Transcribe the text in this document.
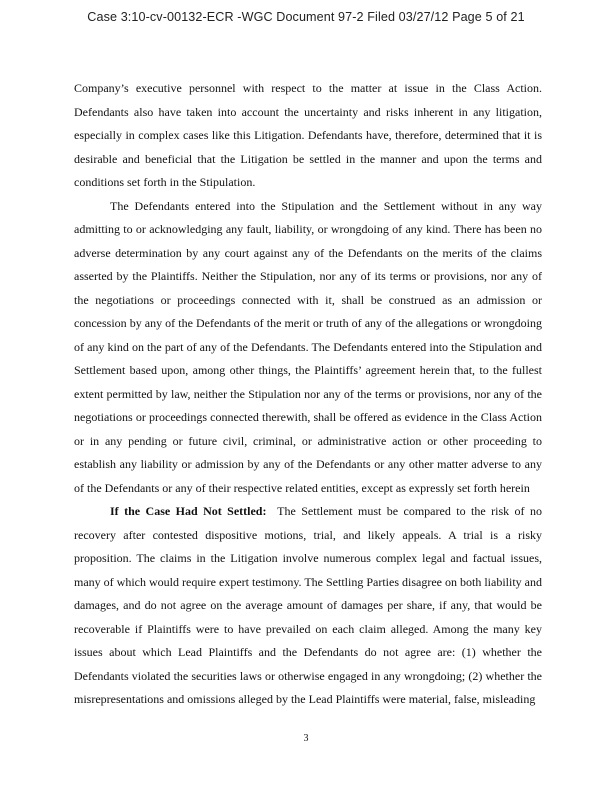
Case 3:10-cv-00132-ECR -WGC Document 97-2 Filed 03/27/12 Page 5 of 21

Company’s executive personnel with respect to the matter at issue in the Class Action. Defendants also have taken into account the uncertainty and risks inherent in any litigation, especially in complex cases like this Litigation. Defendants have, therefore, determined that it is desirable and beneficial that the Litigation be settled in the manner and upon the terms and conditions set forth in the Stipulation.

The Defendants entered into the Stipulation and the Settlement without in any way admitting to or acknowledging any fault, liability, or wrongdoing of any kind. There has been no adverse determination by any court against any of the Defendants on the merits of the claims asserted by the Plaintiffs. Neither the Stipulation, nor any of its terms or provisions, nor any of the negotiations or proceedings connected with it, shall be construed as an admission or concession by any of the Defendants of the merit or truth of any of the allegations or wrongdoing of any kind on the part of any of the Defendants. The Defendants entered into the Stipulation and Settlement based upon, among other things, the Plaintiffs’ agreement herein that, to the fullest extent permitted by law, neither the Stipulation nor any of the terms or provisions, nor any of the negotiations or proceedings connected therewith, shall be offered as evidence in the Class Action or in any pending or future civil, criminal, or administrative action or other proceeding to establish any liability or admission by any of the Defendants or any other matter adverse to any of the Defendants or any of their respective related entities, except as expressly set forth herein

If the Case Had Not Settled: The Settlement must be compared to the risk of no recovery after contested dispositive motions, trial, and likely appeals. A trial is a risky proposition. The claims in the Litigation involve numerous complex legal and factual issues, many of which would require expert testimony. The Settling Parties disagree on both liability and damages, and do not agree on the average amount of damages per share, if any, that would be recoverable if Plaintiffs were to have prevailed on each claim alleged. Among the many key issues about which Lead Plaintiffs and the Defendants do not agree are: (1) whether the Defendants violated the securities laws or otherwise engaged in any wrongdoing; (2) whether the misrepresentations and omissions alleged by the Lead Plaintiffs were material, false, misleading

3
